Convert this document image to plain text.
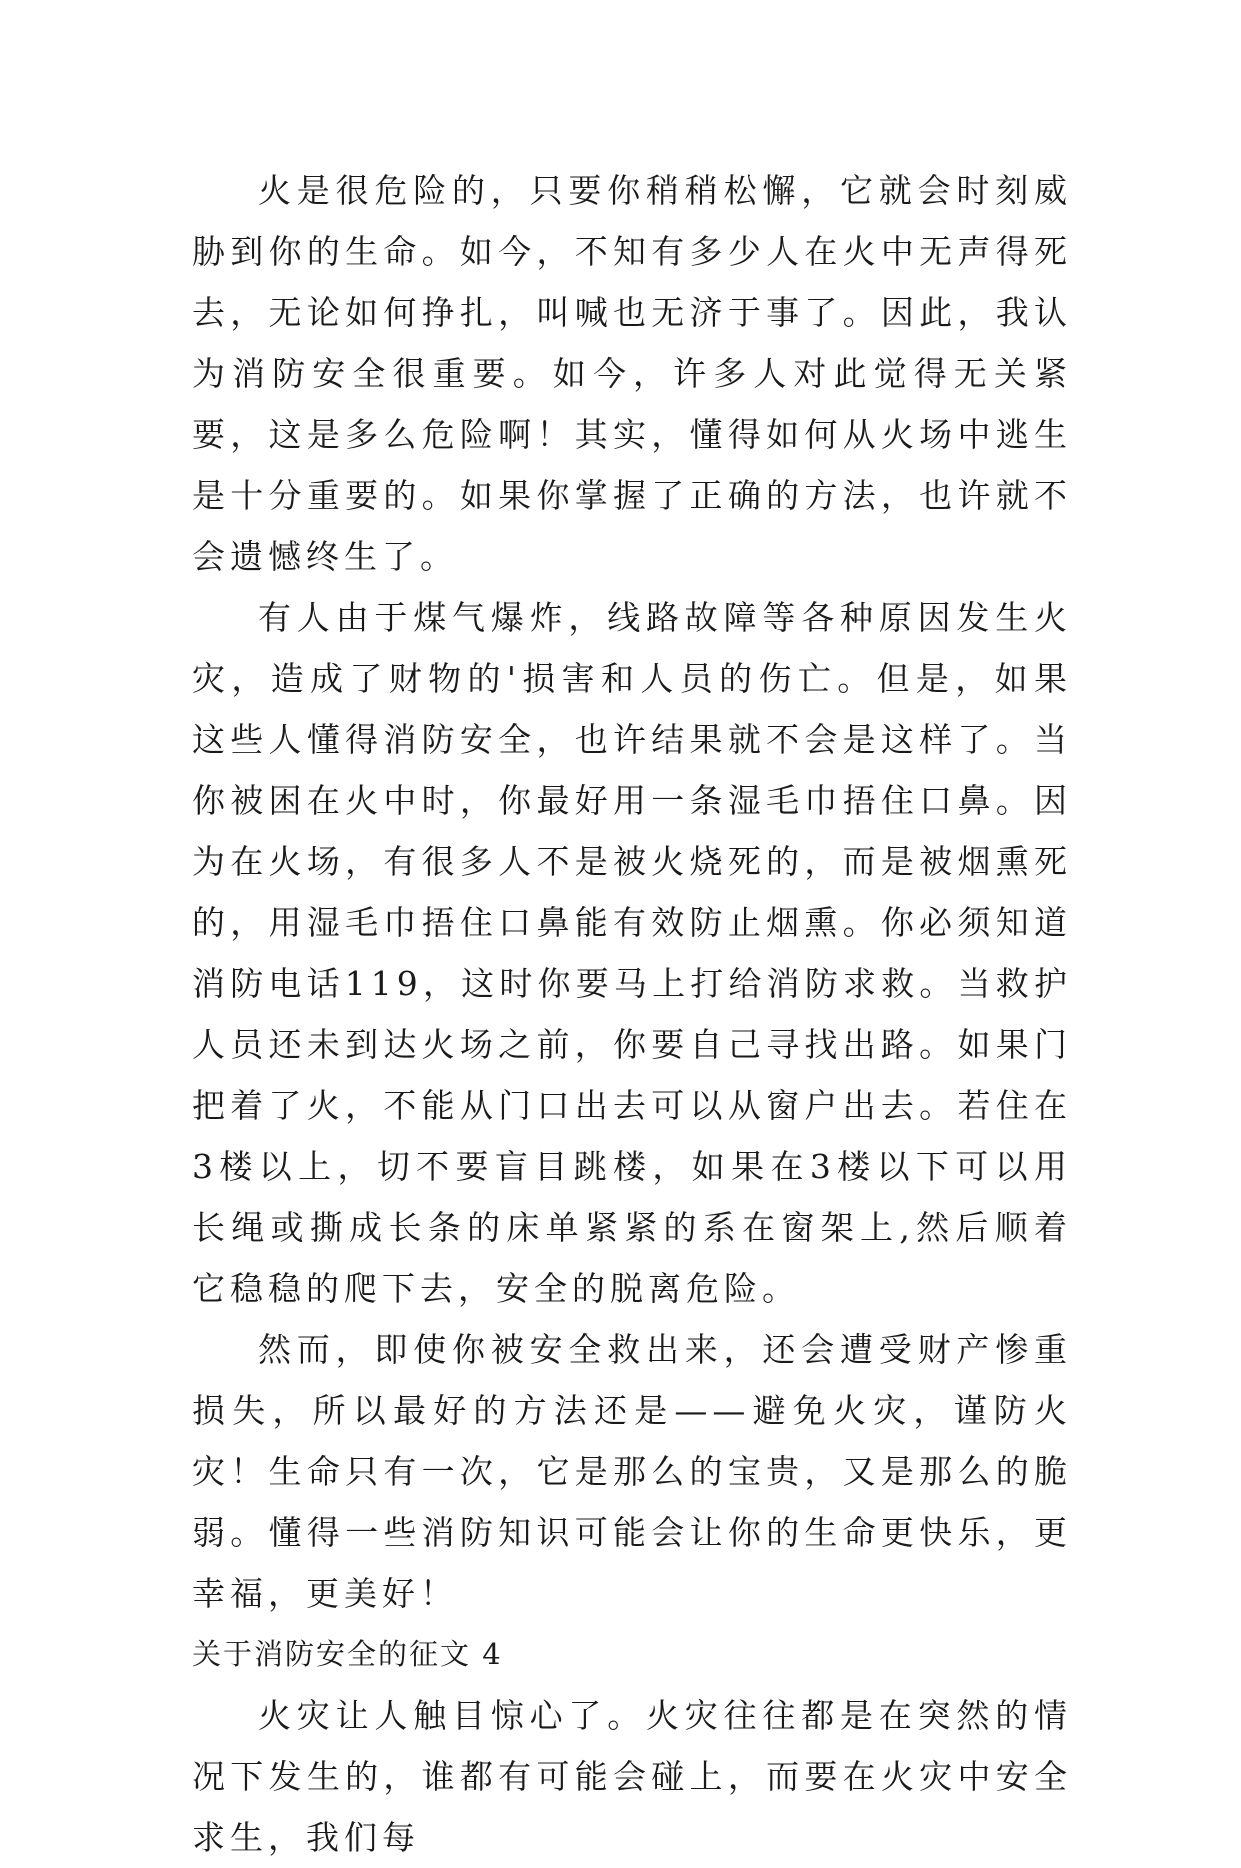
火是很危险的，只要你稍稍松懈，它就会时刻威胁到你的生命。如今，不知有多少人在火中无声得死去，无论如何挣扎，叫喊也无济于事了。因此，我认为消防安全很重要。如今，许多人对此觉得无关紧要，这是多么危险啊！其实，懂得如何从火场中逃生是十分重要的。如果你掌握了正确的方法，也许就不会遗憾终生了。

有人由于煤气爆炸，线路故障等各种原因发生火灾，造成了财物的'损害和人员的伤亡。但是，如果这些人懂得消防安全，也许结果就不会是这样了。当你被困在火中时，你最好用一条湿毛巾捂住口鼻。因为在火场，有很多人不是被火烧死的，而是被烟熏死的，用湿毛巾捂住口鼻能有效防止烟熏。你必须知道消防电话119，这时你要马上打给消防求救。当救护人员还未到达火场之前，你要自己寻找出路。如果门把着了火，不能从门口出去可以从窗户出去。若住在3楼以上，切不要盲目跳楼，如果在3楼以下可以用长绳或撕成长条的床单紧紧的系在窗架上,然后顺着它稳稳的爬下去，安全的脱离危险。

然而，即使你被安全救出来，还会遭受财产惨重损失，所以最好的方法还是——避免火灾，谨防火灾！生命只有一次，它是那么的宝贵，又是那么的脆弱。懂得一些消防知识可能会让你的生命更快乐，更幸福，更美好！

关于消防安全的征文 4

火灾让人触目惊心了。火灾往往都是在突然的情况下发生的，谁都有可能会碰上，而要在火灾中安全求生，我们每
